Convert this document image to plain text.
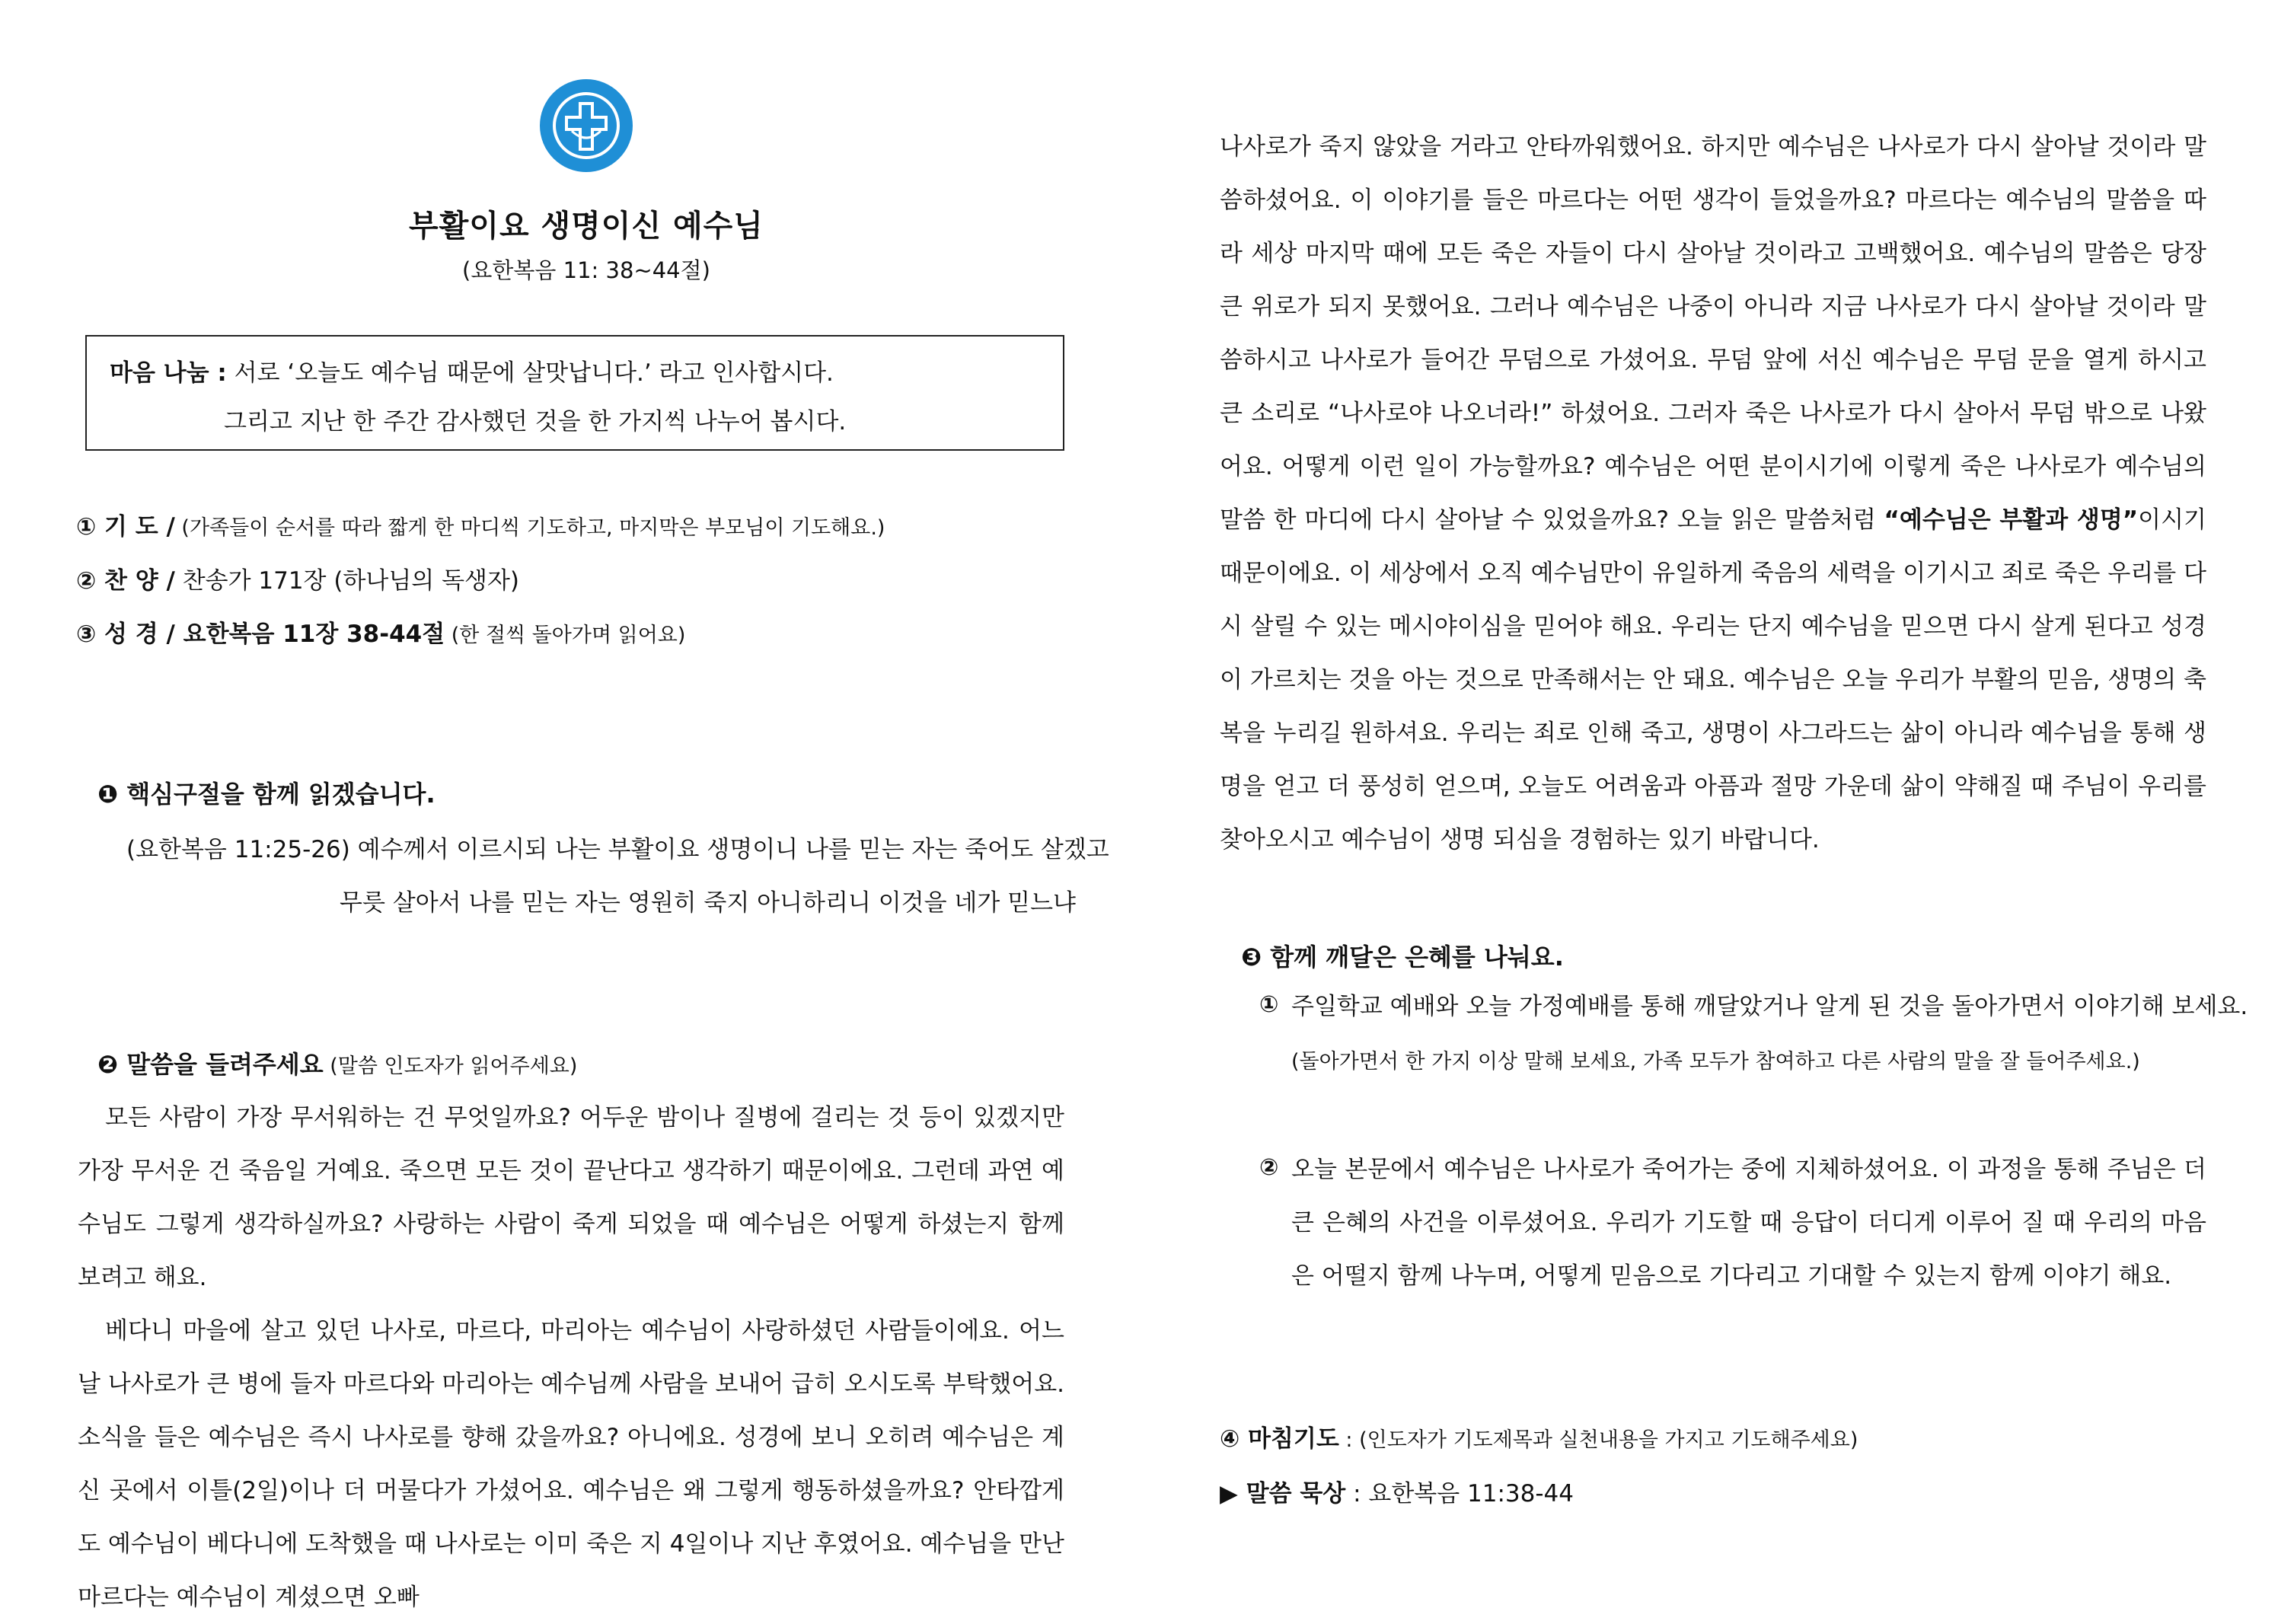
부활이요 생명이신 예수님
(요한복음 11: 38~44절)
마음 나눔 : 서로 ‘오늘도 예수님 때문에 살맛납니다.’ 라고 인사합시다.
그리고 지난 한 주간 감사했던 것을 한 가지씩 나누어 봅시다.
① 기 도 / (가족들이 순서를 따라 짧게 한 마디씩 기도하고, 마지막은 부모님이 기도해요.)
② 찬 양 / 찬송가 171장 (하나님의 독생자)
③ 성 경 / 요한복음 11장 38-44절 (한 절씩 돌아가며 읽어요)
❶ 핵심구절을 함께 읽겠습니다.
(요한복음 11:25-26) 예수께서 이르시되 나는 부활이요 생명이니 나를 믿는 자는 죽어도 살겠고
무릇 살아서 나를 믿는 자는 영원히 죽지 아니하리니 이것을 네가 믿느냐
❷ 말씀을 들려주세요 (말씀 인도자가 읽어주세요)

모든 사람이 가장 무서워하는 건 무엇일까요? 어두운 밤이나 질병에 걸리는 것 등이 있겠지만 가장 무서운 건 죽음일 거예요. 죽으면 모든 것이 끝난다고 생각하기 때문이에요. 그런데 과연 예수님도 그렇게 생각하실까요? 사랑하는 사람이 죽게 되었을 때 예수님은 어떻게 하셨는지 함께 보려고 해요.

베다니 마을에 살고 있던 나사로, 마르다, 마리아는 예수님이 사랑하셨던 사람들이에요. 어느 날 나사로가 큰 병에 들자 마르다와 마리아는 예수님께 사람을 보내어 급히 오시도록 부탁했어요. 소식을 들은 예수님은 즉시 나사로를 향해 갔을까요? 아니에요. 성경에 보니 오히려 예수님은 계신 곳에서 이틀(2일)이나 더 머물다가 가셨어요. 예수님은 왜 그렇게 행동하셨을까요? 안타깝게도 예수님이 베다니에 도착했을 때 나사로는 이미 죽은 지 4일이나 지난 후였어요. 예수님을 만난 마르다는 예수님이 계셨으면 오빠

나사로가 죽지 않았을 거라고 안타까워했어요. 하지만 예수님은 나사로가 다시 살아날 것이라 말씀하셨어요. 이 이야기를 들은 마르다는 어떤 생각이 들었을까요? 마르다는 예수님의 말씀을 따라 세상 마지막 때에 모든 죽은 자들이 다시 살아날 것이라고 고백했어요. 예수님의 말씀은 당장 큰 위로가 되지 못했어요. 그러나 예수님은 나중이 아니라 지금 나사로가 다시 살아날 것이라 말씀하시고 나사로가 들어간 무덤으로 가셨어요. 무덤 앞에 서신 예수님은 무덤 문을 열게 하시고 큰 소리로 “나사로야 나오너라!” 하셨어요. 그러자 죽은 나사로가 다시 살아서 무덤 밖으로 나왔어요. 어떻게 이런 일이 가능할까요? 예수님은 어떤 분이시기에 이렇게 죽은 나사로가 예수님의 말씀 한 마디에 다시 살아날 수 있었을까요? 오늘 읽은 말씀처럼 “예수님은 부활과 생명”이시기 때문이에요. 이 세상에서 오직 예수님만이 유일하게 죽음의 세력을 이기시고 죄로 죽은 우리를 다시 살릴 수 있는 메시야이심을 믿어야 해요. 우리는 단지 예수님을 믿으면 다시 살게 된다고 성경이 가르치는 것을 아는 것으로 만족해서는 안 돼요. 예수님은 오늘 우리가 부활의 믿음, 생명의 축복을 누리길 원하셔요. 우리는 죄로 인해 죽고, 생명이 사그라드는 삶이 아니라 예수님을 통해 생명을 얻고 더 풍성히 얻으며, 오늘도 어려움과 아픔과 절망 가운데 삶이 약해질 때 주님이 우리를 찾아오시고 예수님이 생명 되심을 경험하는 있기 바랍니다.

❸ 함께 깨달은 은혜를 나눠요.
① 주일학교 예배와 오늘 가정예배를 통해 깨달았거나 알게 된 것을 돌아가면서 이야기해 보세요.
(돌아가면서 한 가지 이상 말해 보세요, 가족 모두가 참여하고 다른 사람의 말을 잘 들어주세요.)
② 오늘 본문에서 예수님은 나사로가 죽어가는 중에 지체하셨어요. 이 과정을 통해 주님은 더 큰 은혜의 사건을 이루셨어요. 우리가 기도할 때 응답이 더디게 이루어 질 때 우리의 마음은 어떨지 함께 나누며, 어떻게 믿음으로 기다리고 기대할 수 있는지 함께 이야기 해요.
④ 마침기도 : (인도자가 기도제목과 실천내용을 가지고 기도해주세요)
▶ 말씀 묵상 : 요한복음 11:38-44
